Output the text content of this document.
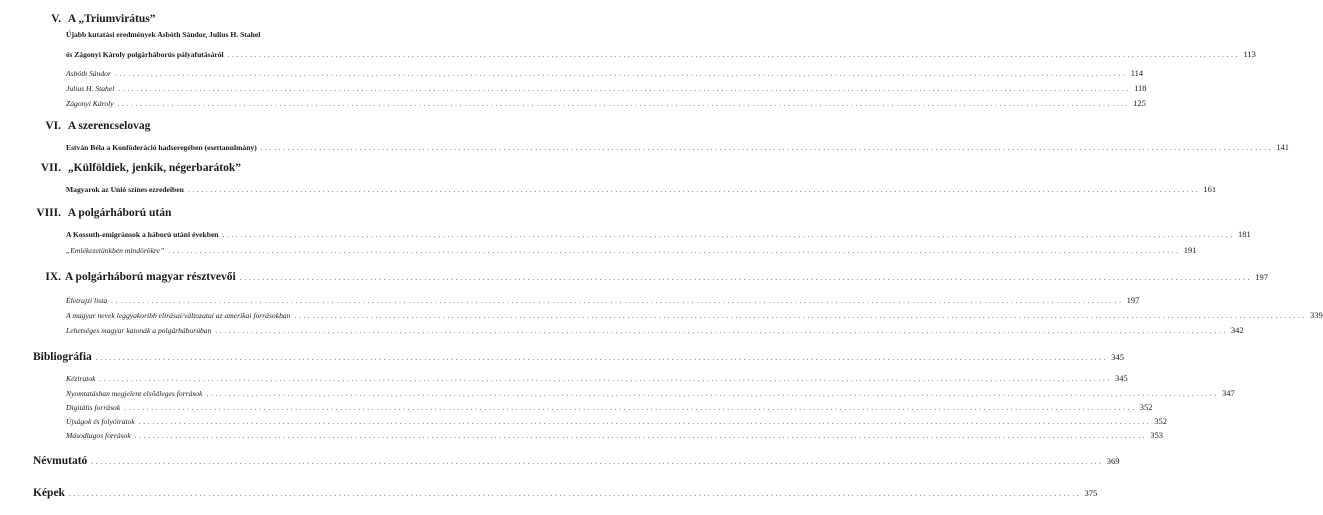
V. A „Triumvirátus”
Újabb kutatási eredmények Asbóth Sándor, Julius H. Stahel
és Zágonyi Károly polgárháborús pályafutásáról . . .	113
Asbóth Sándor . . .	114
Julius H. Stahel . . .	118
Zágonyi Károly . . .	125
VI. A szerencselovag
Estván Béla a Konföderáció hadseregében (esettanulmány) . . .	141
VII. „Külföldiek, jenkik, négerbarátok”
Magyarok az Unió színes ezredeiben . . .	161
VIII. A polgárháború után
A Kossuth-emigránsok a háború utáni években . . .	181
„Emlékezetünkben mindörökre” . . .	191
IX. A polgárháború magyar résztvevői . . .	197
Életrajzi lista . . .	197
A magyar nevek leggyakoribb elírásai/változatai az amerikai forrásokban . . .	339
Lehetséges magyar katonák a polgárháborúban . . .	342
Bibliográfia . . .	345
Kéziratok . . .	345
Nyomtatásban megjelent elsődleges források . . .	347
Digitális források . . .	352
Újságok és folyóiratok . . .	352
Másodlagos források . . .	353
Névmutató . . .	369
Képek . . .	375
